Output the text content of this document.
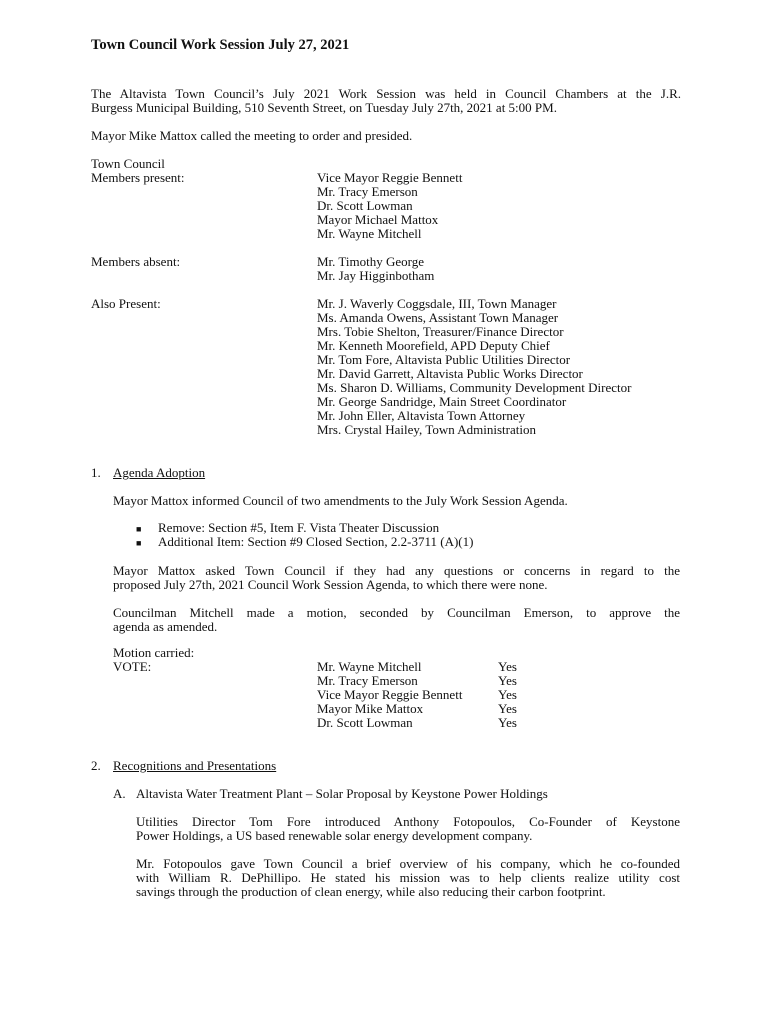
Town Council Work Session July 27, 2021
The Altavista Town Council’s July 2021 Work Session was held in Council Chambers at the J.R.
Burgess Municipal Building, 510 Seventh Street, on Tuesday July 27th, 2021 at 5:00 PM.
Mayor Mike Mattox called the meeting to order and presided.
Town Council
Members present:	Vice Mayor Reggie Bennett
Mr. Tracy Emerson
Dr. Scott Lowman
Mayor Michael Mattox
Mr. Wayne Mitchell
Members absent:	Mr. Timothy George
Mr. Jay Higginbotham
Also Present:	Mr. J. Waverly Coggsdale, III, Town Manager
Ms. Amanda Owens, Assistant Town Manager
Mrs. Tobie Shelton, Treasurer/Finance Director
Mr. Kenneth Moorefield, APD Deputy Chief
Mr. Tom Fore, Altavista Public Utilities Director
Mr. David Garrett, Altavista Public Works Director
Ms. Sharon D. Williams, Community Development Director
Mr. George Sandridge, Main Street Coordinator
Mr. John Eller, Altavista Town Attorney
Mrs. Crystal Hailey, Town Administration
1. Agenda Adoption
Mayor Mattox informed Council of two amendments to the July Work Session Agenda.
■ Remove: Section #5, Item F. Vista Theater Discussion
■ Additional Item: Section #9 Closed Section, 2.2-3711 (A)(1)
Mayor Mattox asked Town Council if they had any questions or concerns in regard to the
proposed July 27th, 2021 Council Work Session Agenda, to which there were none.
Councilman Mitchell made a motion, seconded by Councilman Emerson, to approve the
agenda as amended.
Motion carried:
VOTE:	Mr. Wayne Mitchell	Yes
Mr. Tracy Emerson	Yes
Vice Mayor Reggie Bennett	Yes
Mayor Mike Mattox	Yes
Dr. Scott Lowman	Yes
2. Recognitions and Presentations
A. Altavista Water Treatment Plant – Solar Proposal by Keystone Power Holdings
Utilities Director Tom Fore introduced Anthony Fotopoulos, Co-Founder of Keystone
Power Holdings, a US based renewable solar energy development company.
Mr. Fotopoulos gave Town Council a brief overview of his company, which he co-founded
with William R. DePhillipo. He stated his mission was to help clients realize utility cost
savings through the production of clean energy, while also reducing their carbon footprint.
